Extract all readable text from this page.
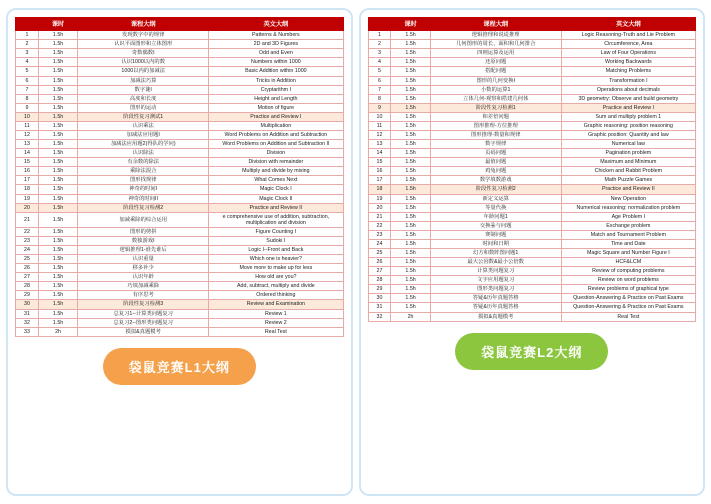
	课时	课程大纲	英文大纲
1	1.5h	发现数字中的规律	Patterns & Numbers
2	1.5h	认识平面图形和立体图形	2D and 3D Figures
3	1.5h	奇数偶数I	Odd and Even
4	1.5h	认识1000以内的数	Numbers within 1000
5	1.5h	1000以内的加减法	Basic Addition within 1000
6	1.5h	加减法巧算	Tricks in Addition
7	1.5h	数字谜I	Cryptarithm I
8	1.5h	高度和长度	Height and Length
9	1.5h	图形的运动	Motion of figure
10	1.5h	阶段性复习测试1	Practice and Review I
11	1.5h	认识乘法	Multiplication
12	1.5h	加减法应用题I	Word Problems on Addition and Subtraction
13	1.5h	加减法应用题2(得队的学问)	Word Problems on Addition and Subtraction II
14	1.5h	认识除法	Division
15	1.5h	有余数的除法	Division with remainder
16	1.5h	乘除法混合	Multiply and divide by mixing
17	1.5h	图形找规律	What Comes Next
18	1.5h	神奇的时间I	Magic Clock I
19	1.5h	神奇的时间II	Magic Clock II
20	1.5h	阶段性复习检测2	Practice and Review II
21	1.5h	加减乘除的综合运用	e comprehensive use of addition, subtraction, multiplication and division
22	1.5h	图形的剪拼	Figure Counting I
23	1.5h	数独游戏I	Sudoki I
24	1.5h	逻辑推理1-谁先谁后	Logic I--Front and Back
25	1.5h	认识重量	Which one is heavier?
26	1.5h	移多补少	Move more to make up for less
27	1.5h	认识年龄	How old are you?
28	1.5h	巧填加减乘除	Add, subtract, multiply and divide
29	1.5h	有序思考	Ordered thinking
30	1.5h	阶段性复习检测3	Review and Examination
31	1.5h	总复习1--计算类问题复习	Review 1
32	1.5h	总复习2--图形类问题复习	Review 2
33	2h	摸拟&真题模考	Real Test
袋鼠竞赛L1大纲
	课时	课程大纲	英文大纲
1	1.5h	逻辑推理和说谎推理	Logic Reasoning-Truth and Lie Problem
2	1.5h	几何图形的周长、面积和几何排合	Circumference, Area
3	1.5h	四则运算及运用	Law of Four Operations
4	1.5h	还原问题	Working Backwards
5	1.5h	搭配问题	Matching Problems
6	1.5h	图形的几何变换I	Transformation I
7	1.5h	小数的运算1	Operations about decimals
8	1.5h	立体几何-观察和搭建几何体	3D geometry: Observe and build geometry
9	1.5h	阶段性复习检测1	Practice and Review I
10	1.5h	和差倍问题	Sum and multiply problem 1
11	1.5h	图形推理-方位推理	Graphic reasoning: position reasoning
12	1.5h	图形推理-数量和规律	Graphic position: Quantity and law
13	1.5h	数字规律	Numerical law
14	1.5h	页码问题	Pagination problem
15	1.5h	最值问题	Maximum and Minimum
16	1.5h	鸡兔问题	Chicken and Rabbit Problem
17	1.5h	数学填数游戏	Math Puzzle Games
18	1.5h	阶段性复习检测2	Practice and Review II
19	1.5h	新定义运算	New Operation
20	1.5h	等量代换	Numerical reasoning: normalization problem
21	1.5h	年龄问题1	Age Problem I
22	1.5h	交换률与问题	Exchange problem
23	1.5h	赛制问题	Match and Tournament Problem
24	1.5h	时间和日期	Time and Date
25	1.5h	幻方和数阵图问题1	Magic Square and Number Figure I
26	1.5h	最大公因数&最小公倍数	HCF&LCM
27	1.5h	计算类问题复习	Review of computing problems
28	1.5h	文字应用题复习	Review on word problems
29	1.5h	图形类问题复习	Review problems of graphical type
30	1.5h	答疑&历年真题答格	Question-Answering & Practice on Past Exams
31	1.5h	答疑&历年真题答格	Question-Answering & Practice on Past Exams
32	2h	摸拟&真题模考	Real Test
袋鼠竞赛L2大纲
